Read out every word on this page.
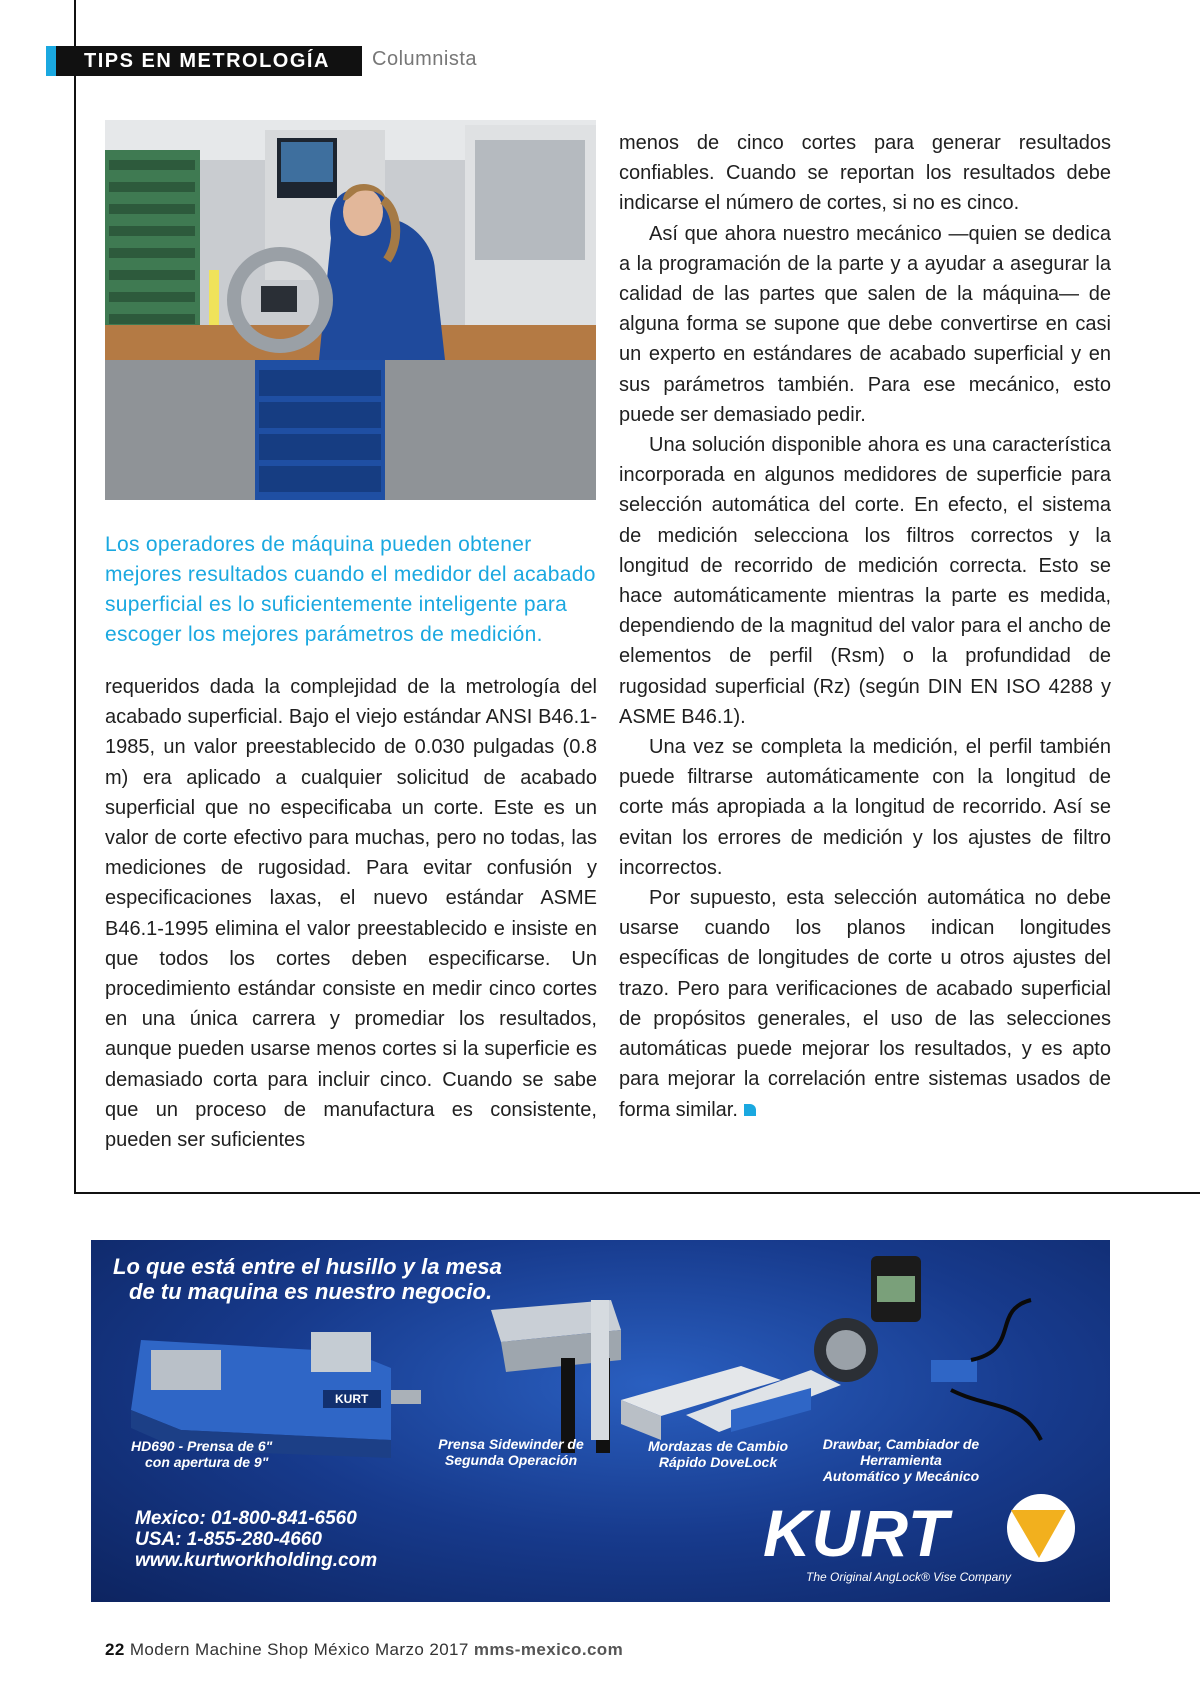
TIPS EN METROLOGÍA	Columnista
Los operadores de máquina pueden obtener mejores resultados cuando el medidor del acabado superficial es lo suficientemente inteligente para escoger los mejores parámetros de medición.

requeridos dada la complejidad de la metrología del acabado superficial. Bajo el viejo estándar ANSI B46.1-1985, un valor preestablecido de 0.030 pulgadas (0.8 m) era aplicado a cualquier solicitud de acabado superficial que no especificaba un corte. Este es un valor de corte efectivo para muchas, pero no todas, las mediciones de rugosidad. Para evitar confusión y especificaciones laxas, el nuevo estándar ASME B46.1-1995 elimina el valor preestablecido e insiste en que todos los cortes deben especificarse. Un procedimiento estándar consiste en medir cinco cortes en una única carrera y promediar los resultados, aunque pueden usarse menos cortes si la superficie es demasiado corta para incluir cinco. Cuando se sabe que un proceso de manufactura es consistente, pueden ser suficientes

menos de cinco cortes para generar resultados confiables. Cuando se reportan los resultados debe indicarse el número de cortes, si no es cinco.

Así que ahora nuestro mecánico —quien se dedica a la programación de la parte y a ayudar a asegurar la calidad de las partes que salen de la máquina— de alguna forma se supone que debe convertirse en casi un experto en estándares de acabado superficial y en sus parámetros también. Para ese mecánico, esto puede ser demasiado pedir.

Una solución disponible ahora es una característica incorporada en algunos medidores de superficie para selección automática del corte. En efecto, el sistema de medición selecciona los filtros correctos y la longitud de recorrido de medición correcta. Esto se hace automáticamente mientras la parte es medida, dependiendo de la magnitud del valor para el ancho de elementos de perfil (Rsm) o la profundidad de rugosidad superficial (Rz) (según DIN EN ISO 4288 y ASME B46.1).

Una vez se completa la medición, el perfil también puede filtrarse automáticamente con la longitud de corte más apropiada a la longitud de recorrido. Así se evitan los errores de medición y los ajustes de filtro incorrectos.

Por supuesto, esta selección automática no debe usarse cuando los planos indican longitudes específicas de longitudes de corte u otros ajustes del trazo. Pero para verificaciones de acabado superficial de propósitos generales, el uso de las selecciones automáticas puede mejorar los resultados, y es apto para mejorar la correlación entre sistemas usados de forma similar.

Lo que está entre el husillo y la mesa
de tu maquina es nuestro negocio.
KURT
HD690 - Prensa de 6"
con apertura de 9"
Prensa Sidewinder de
Segunda Operación
Mordazas de Cambio
Rápido DoveLock
Drawbar, Cambiador de
Herramienta
Automático y Mecánico
Mexico: 01-800-841-6560
USA: 1-855-280-4660
www.kurtworkholding.com	KURT
The Original AngLock® Vise Company
22 Modern Machine Shop México Marzo 2017 mms-mexico.com
